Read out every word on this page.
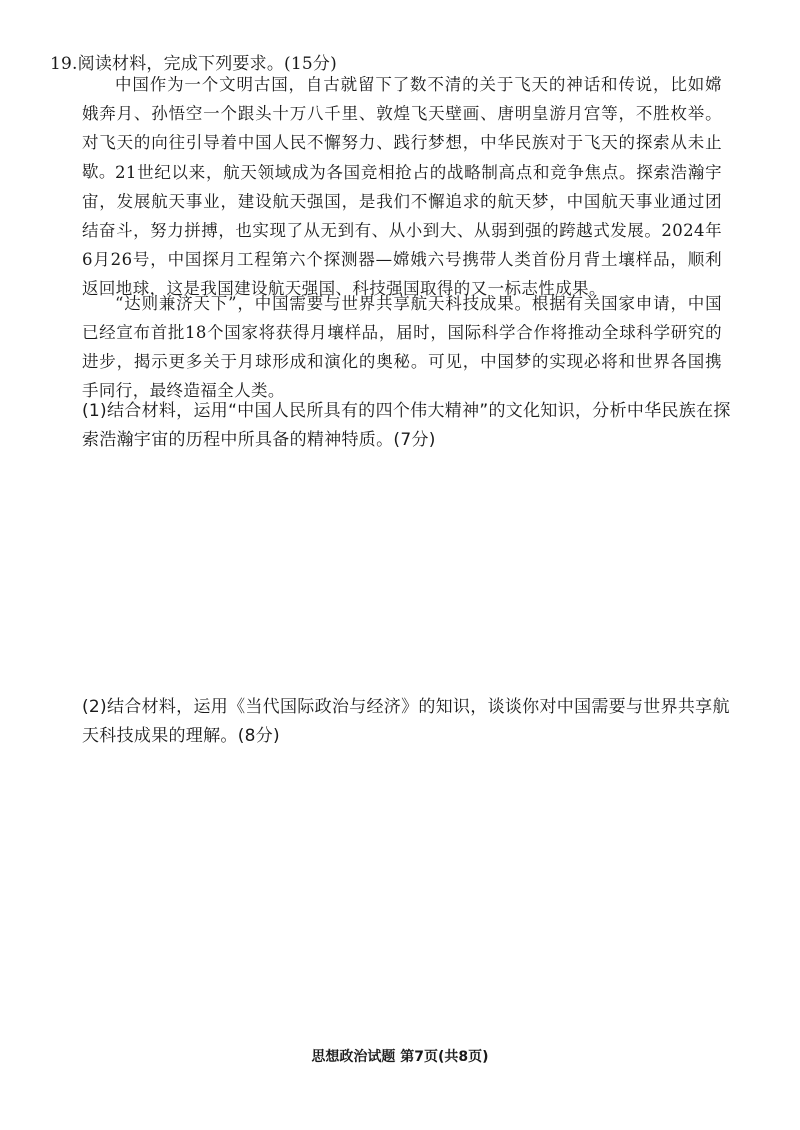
19.阅读材料，完成下列要求。(15分)
中国作为一个文明古国，自古就留下了数不清的关于飞天的神话和传说，比如嫦娥奔月、孙悟空一个跟头十万八千里、敦煌飞天壁画、唐明皇游月宫等，不胜枚举。对飞天的向往引导着中国人民不懈努力、践行梦想，中华民族对于飞天的探索从未止歇。 21世纪以来，航天领域成为各国竞相抢占的战略制高点和竞争焦点。探索浩瀚宇宙，发展航天事业，建设航天强国，是我们不懈追求的航天梦，中国航天事业通过团结奋斗，努力拼搏，也实现了从无到有、从小到大、从弱到强的跨越式发展。2024年6月26号，中国探月工程第六个探测器—嫦娥六号携带人类首份月背土壤样品，顺利返回地球，这是我国建设航天强国、科技强国取得的又一标志性成果。
“达则兼济天下”，中国需要与世界共享航天科技成果。根据有关国家申请，中国已经宣布首批18个国家将获得月壤样品，届时，国际科学合作将推动全球科学研究的进步，揭示更多关于月球形成和演化的奥秘。可见，中国梦的实现必将和世界各国携手同行，最终造福全人类。
(1)结合材料，运用“中国人民所具有的四个伟大精神”的文化知识，分析中华民族在探索浩瀚宇宙的历程中所具备的精神特质。(7分)
(2)结合材料，运用《当代国际政治与经济》的知识，谈谈你对中国需要与世界共享航天科技成果的理解。(8分)
思想政治试题 第7页(共8页)
